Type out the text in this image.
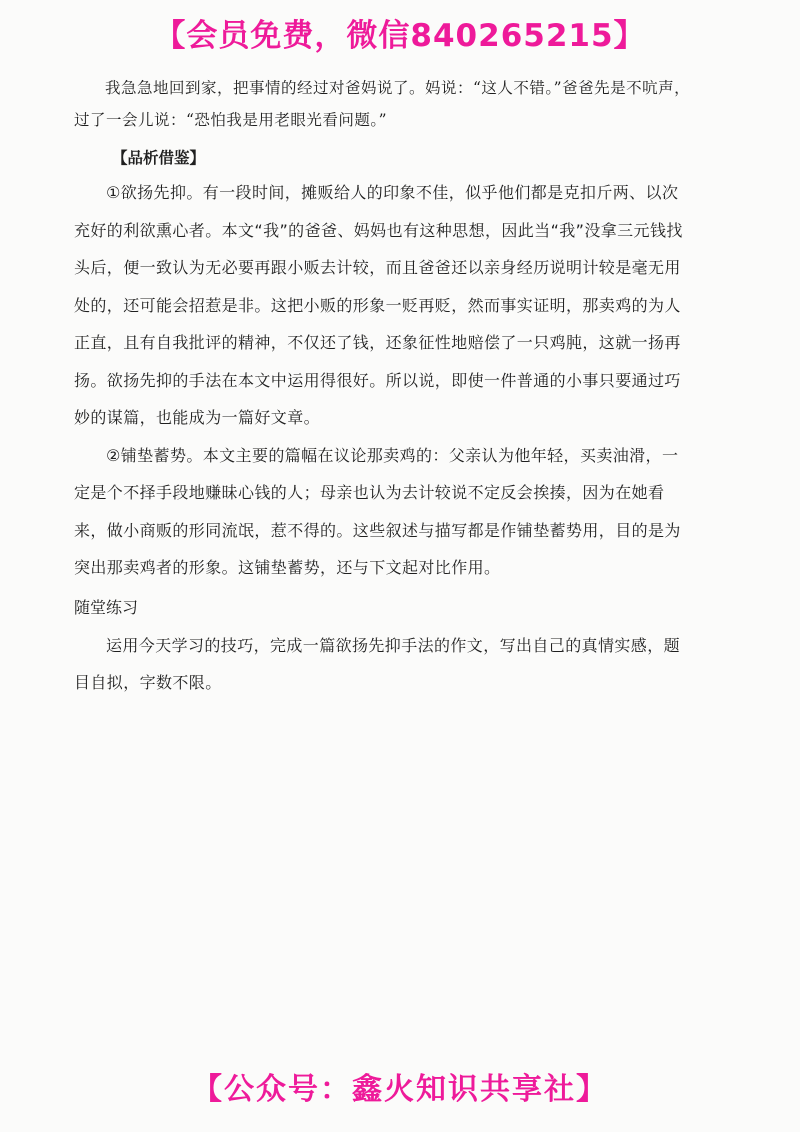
【会员免费，微信840265215】

我急急地回到家，把事情的经过对爸妈说了。妈说：“这人不错。”爸爸先是不吭声，过了一会儿说：“恐怕我是用老眼光看问题。”

【品析借鉴】

①欲扬先抑。有一段时间，摊贩给人的印象不佳，似乎他们都是克扣斤两、以次充好的利欲熏心者。本文“我”的爸爸、妈妈也有这种思想，因此当“我”没拿三元钱找头后，便一致认为无必要再跟小贩去计较，而且爸爸还以亲身经历说明计较是毫无用处的，还可能会招惹是非。这把小贩的形象一贬再贬，然而事实证明，那卖鸡的为人正直，且有自我批评的精神，不仅还了钱，还象征性地赔偿了一只鸡肫，这就一扬再扬。欲扬先抑的手法在本文中运用得很好。所以说，即使一件普通的小事只要通过巧妙的谋篇，也能成为一篇好文章。

②铺垫蓄势。本文主要的篇幅在议论那卖鸡的：父亲认为他年轻，买卖油滑，一定是个不择手段地赚昧心钱的人；母亲也认为去计较说不定反会挨揍，因为在她看来，做小商贩的形同流氓，惹不得的。这些叙述与描写都是作铺垫蓄势用，目的是为突出那卖鸡者的形象。这铺垫蓄势，还与下文起对比作用。

随堂练习

运用今天学习的技巧，完成一篇欲扬先抑手法的作文，写出自己的真情实感，题目自拟，字数不限。

【公众号：鑫火知识共享社】
